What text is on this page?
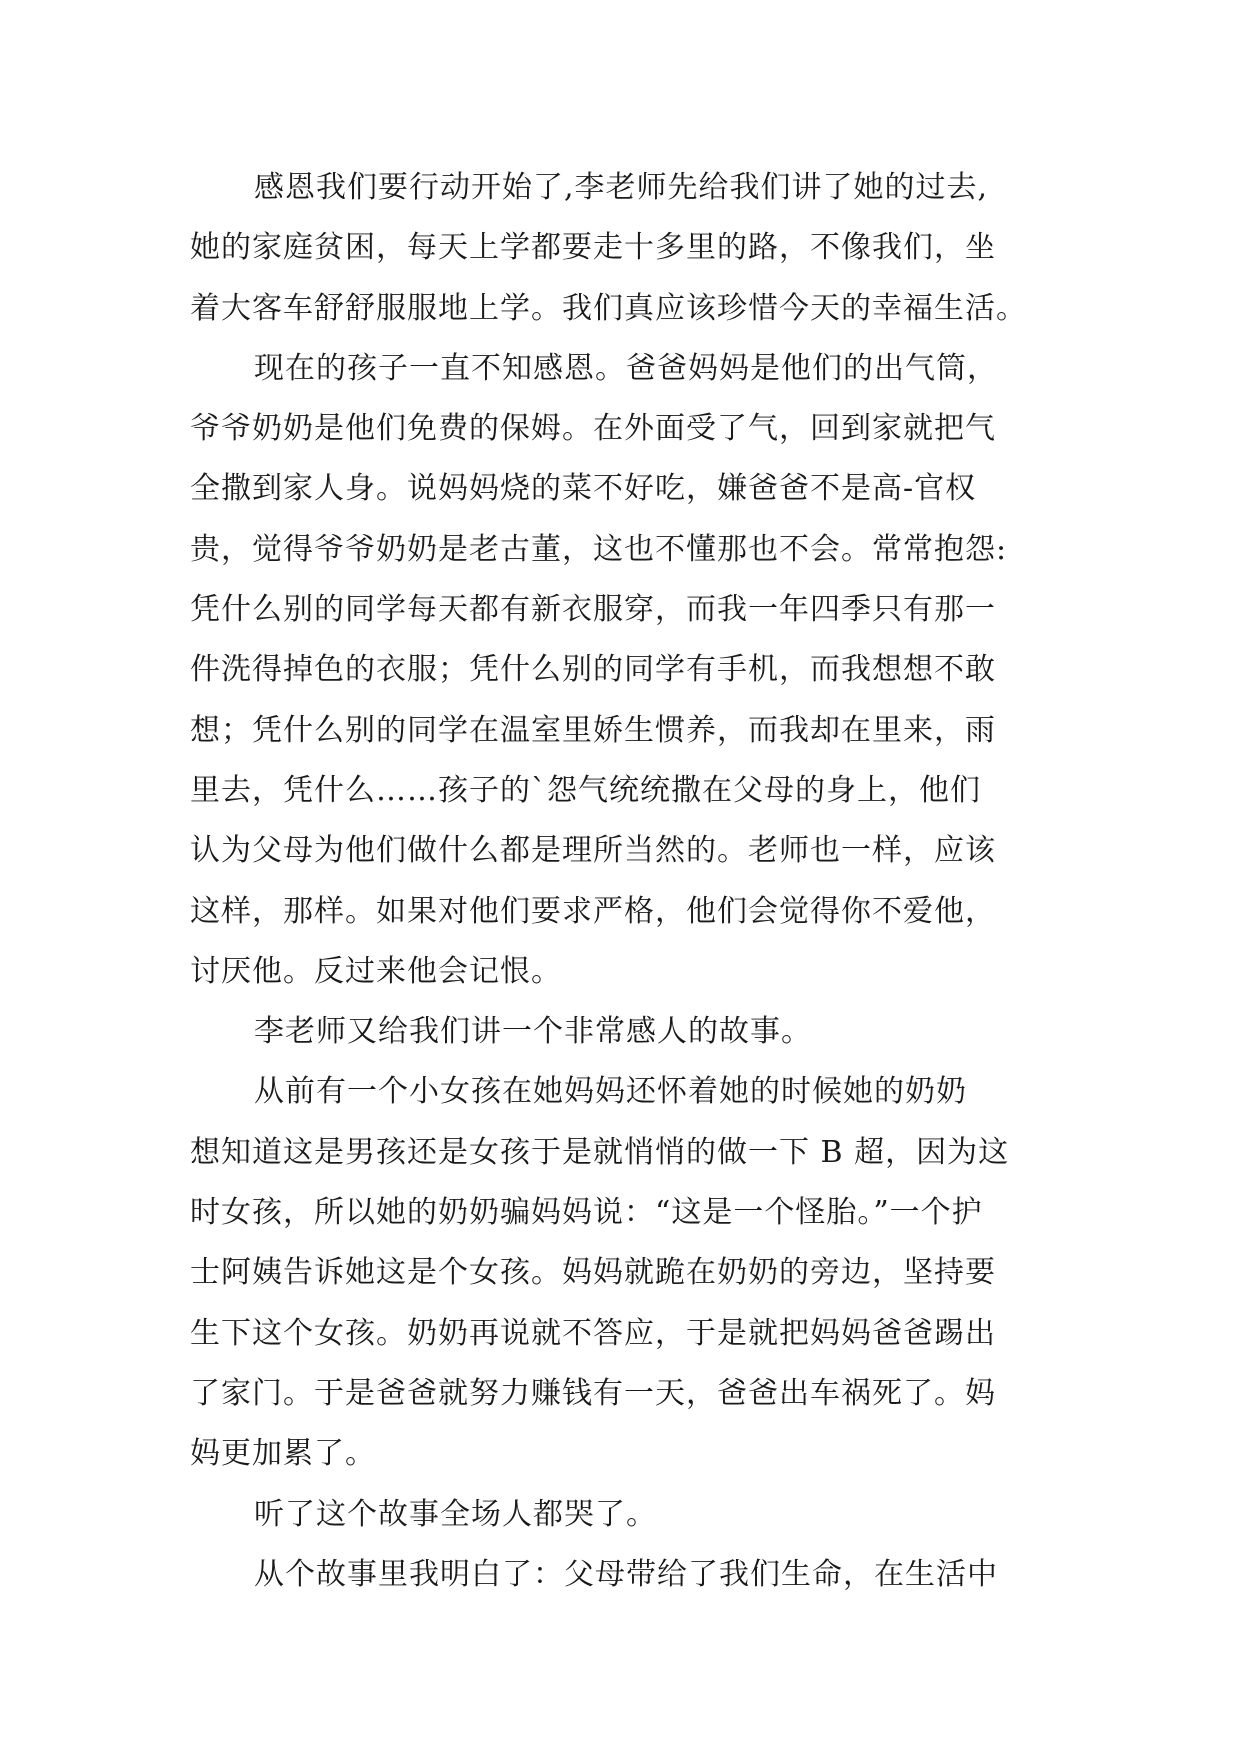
感恩我们要行动开始了,李老师先给我们讲了她的过去,
她的家庭贫困，每天上学都要走十多里的路，不像我们，坐
着大客车舒舒服服地上学。我们真应该珍惜今天的幸福生活。
现在的孩子一直不知感恩。爸爸妈妈是他们的出气筒，
爷爷奶奶是他们免费的保姆。在外面受了气，回到家就把气
全撒到家人身。说妈妈烧的菜不好吃，嫌爸爸不是高-官权
贵，觉得爷爷奶奶是老古董，这也不懂那也不会。常常抱怨:
凭什么别的同学每天都有新衣服穿，而我一年四季只有那一
件洗得掉色的衣服；凭什么别的同学有手机，而我想想不敢
想；凭什么别的同学在温室里娇生惯养，而我却在里来，雨
里去，凭什么……孩子的`怨气统统撒在父母的身上，他们
认为父母为他们做什么都是理所当然的。老师也一样，应该
这样，那样。如果对他们要求严格，他们会觉得你不爱他，
讨厌他。反过来他会记恨。
李老师又给我们讲一个非常感人的故事。
从前有一个小女孩在她妈妈还怀着她的时候她的奶奶
想知道这是男孩还是女孩于是就悄悄的做一下 B 超，因为这
时女孩，所以她的奶奶骗妈妈说：“这是一个怪胎。”一个护
士阿姨告诉她这是个女孩。妈妈就跪在奶奶的旁边，坚持要
生下这个女孩。奶奶再说就不答应，于是就把妈妈爸爸踢出
了家门。于是爸爸就努力赚钱有一天，爸爸出车祸死了。妈
妈更加累了。
听了这个故事全场人都哭了。
从个故事里我明白了：父母带给了我们生命，在生活中
